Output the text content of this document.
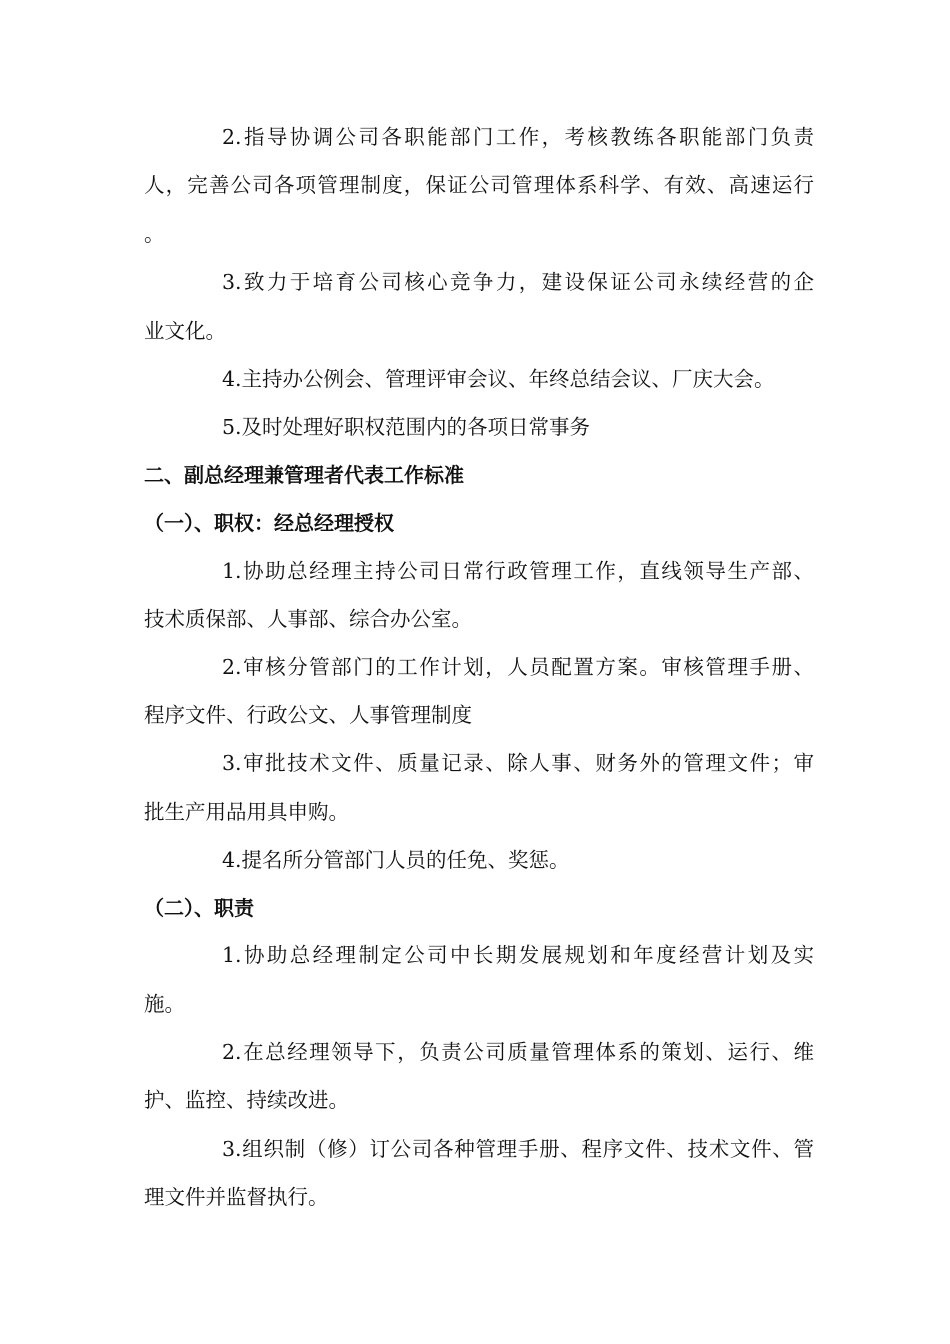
2.指导协调公司各职能部门工作，考核教练各职能部门负责
人，完善公司各项管理制度，保证公司管理体系科学、有效、高速运行
。
3.致力于培育公司核心竞争力，建设保证公司永续经营的企
业文化。
4.主持办公例会、管理评审会议、年终总结会议、厂庆大会。
5.及时处理好职权范围内的各项日常事务
二、副总经理兼管理者代表工作标准
（一）、职权：经总经理授权
1.协助总经理主持公司日常行政管理工作，直线领导生产部、
技术质保部、人事部、综合办公室。
2.审核分管部门的工作计划，人员配置方案。审核管理手册、
程序文件、行政公文、人事管理制度
3.审批技术文件、质量记录、除人事、财务外的管理文件；审
批生产用品用具申购。
4.提名所分管部门人员的任免、奖惩。
（二）、职责
1.协助总经理制定公司中长期发展规划和年度经营计划及实
施。
2.在总经理领导下，负责公司质量管理体系的策划、运行、维
护、监控、持续改进。
3.组织制（修）订公司各种管理手册、程序文件、技术文件、管
理文件并监督执行。
